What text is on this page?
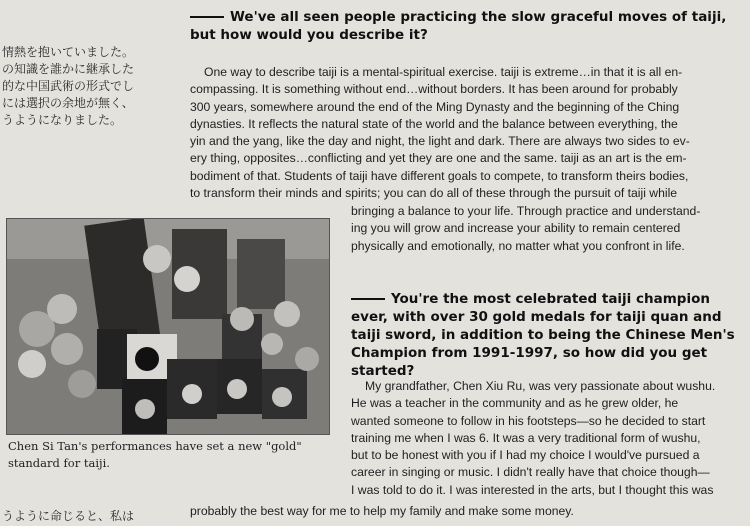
情熱を抱いていました。
の知識を誰かに継承した
的な中国武術の形式でし
には選択の余地が無く、
うようになりました。
うように命じると、私は
We've all seen people practicing the slow graceful moves of taiji, but how would you describe it?
One way to describe taiji is a mental-spiritual exercise. taiji is extreme…in that it is all en-
compassing. It is something without end…without borders. It has been around for probably
300 years, somewhere around the end of the Ming Dynasty and the beginning of the Ching
dynasties. It reflects the natural state of the world and the balance between everything, the
yin and the yang, like the day and night, the light and dark. There are always two sides to ev-
ery thing, opposites…conflicting and yet they are one and the same. taiji as an art is the em-
bodiment of that. Students of taiji have different goals to compete, to transform theirs bodies,
to transform their minds and spirits; you can do all of these through the pursuit of taiji while
bringing a balance to your life. Through practice and understand-
ing you will grow and increase your ability to remain centered
physically and emotionally, no matter what you confront in life.
You're the most celebrated taiji champion ever, with over 30 gold medals for taiji quan and taiji sword, in addition to being the Chinese Men's Champion from 1991-1997, so how did you get started?
My grandfather, Chen Xiu Ru, was very passionate about wushu.
He was a teacher in the community and as he grew older, he
wanted someone to follow in his footsteps—so he decided to start
training me when I was 6. It was a very traditional form of wushu,
but to be honest with you if I had my choice I would've pursued a
career in singing or music. I didn't really have that choice though—
I was told to do it. I was interested in the arts, but I thought this was
probably the best way for me to help my family and make some money.
Chen Si Tan's performances have set a new "gold" standard for taiji.
